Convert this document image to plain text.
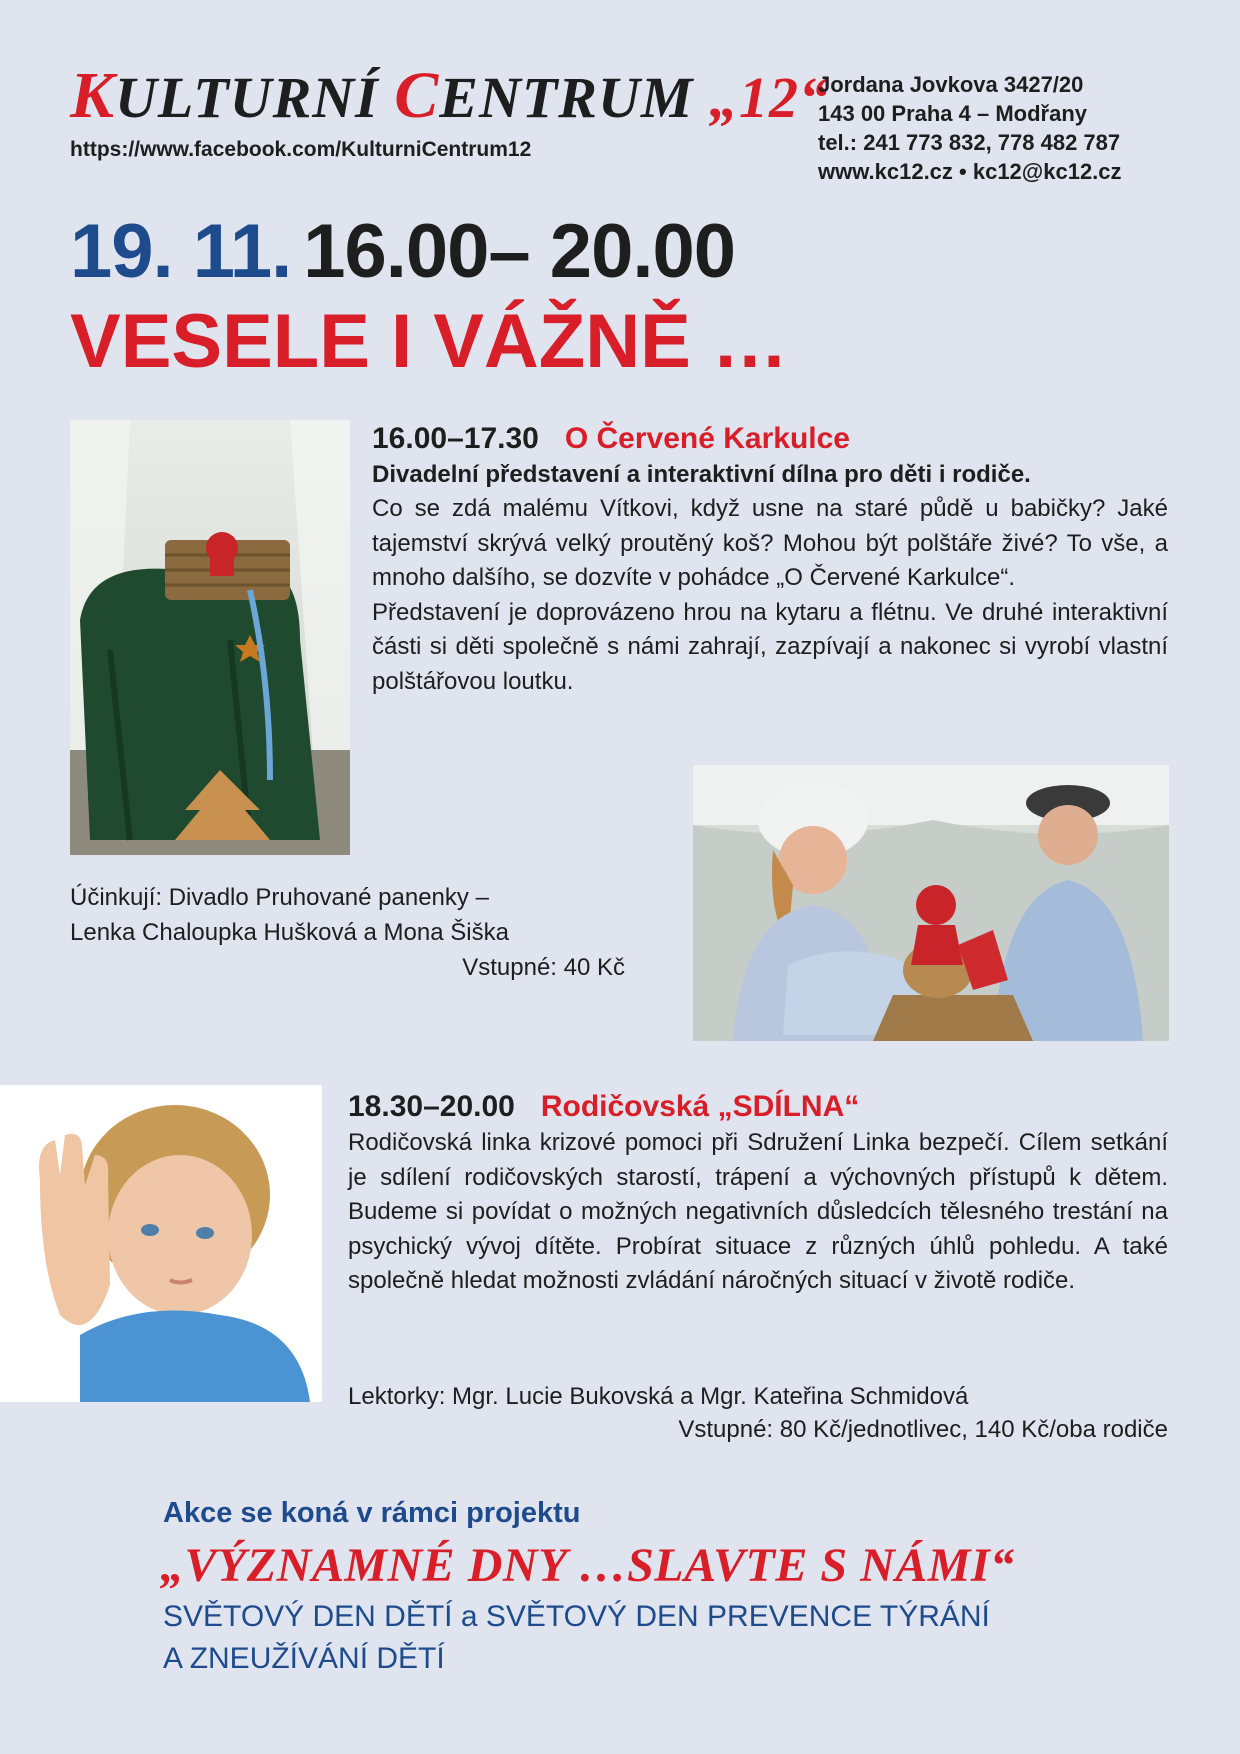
KULTURNÍ CENTRUM „12“
https://www.facebook.com/KulturniCentrum12
Jordana Jovkova 3427/20
143 00 Praha 4 – Modřany
tel.: 241 773 832, 778 482 787
www.kc12.cz • kc12@kc12.cz
19. 11. 16.00– 20.00
VESELE I VÁŽNĚ …
16.00–17.30 O Červené Karkulce
Divadelní představení a interaktivní dílna pro děti i rodiče.

Co se zdá malému Vítkovi, když usne na staré půdě u babičky? Jaké tajemství skrývá velký proutěný koš? Mohou být polštáře živé? To vše, a mnoho dalšího, se dozvíte v pohádce „O Červené Karkulce“.

Představení je doprovázeno hrou na kytaru a flétnu. Ve druhé interaktivní části si děti společně s námi zahrají, zazpívají a nakonec si vyrobí vlastní polštářovou loutku.

Účinkují: Divadlo Pruhované panenky –
Lenka Chaloupka Hušková a Mona Šiška
Vstupné: 40 Kč
18.30–20.00 Rodičovská „SDÍLNA“
Rodičovská linka krizové pomoci při Sdružení Linka bezpečí. Cílem setkání je sdílení rodičovských starostí, trápení a výchovných přístupů k dětem. Budeme si povídat o možných negativních důsledcích tělesného trestání na psychický vývoj dítěte. Probírat situace z různých úhlů pohledu. A také společně hledat možnosti zvládání náročných situací v životě rodiče.
Lektorky: Mgr. Lucie Bukovská a Mgr. Kateřina Schmidová
Vstupné: 80 Kč/jednotlivec, 140 Kč/oba rodiče
Akce se koná v rámci projektu
„VÝZNAMNÉ DNY …SLAVTE S NÁMI“
SVĚTOVÝ DEN DĚTÍ a SVĚTOVÝ DEN PREVENCE TÝRÁNÍ
A ZNEUŽÍVÁNÍ DĚTÍ
